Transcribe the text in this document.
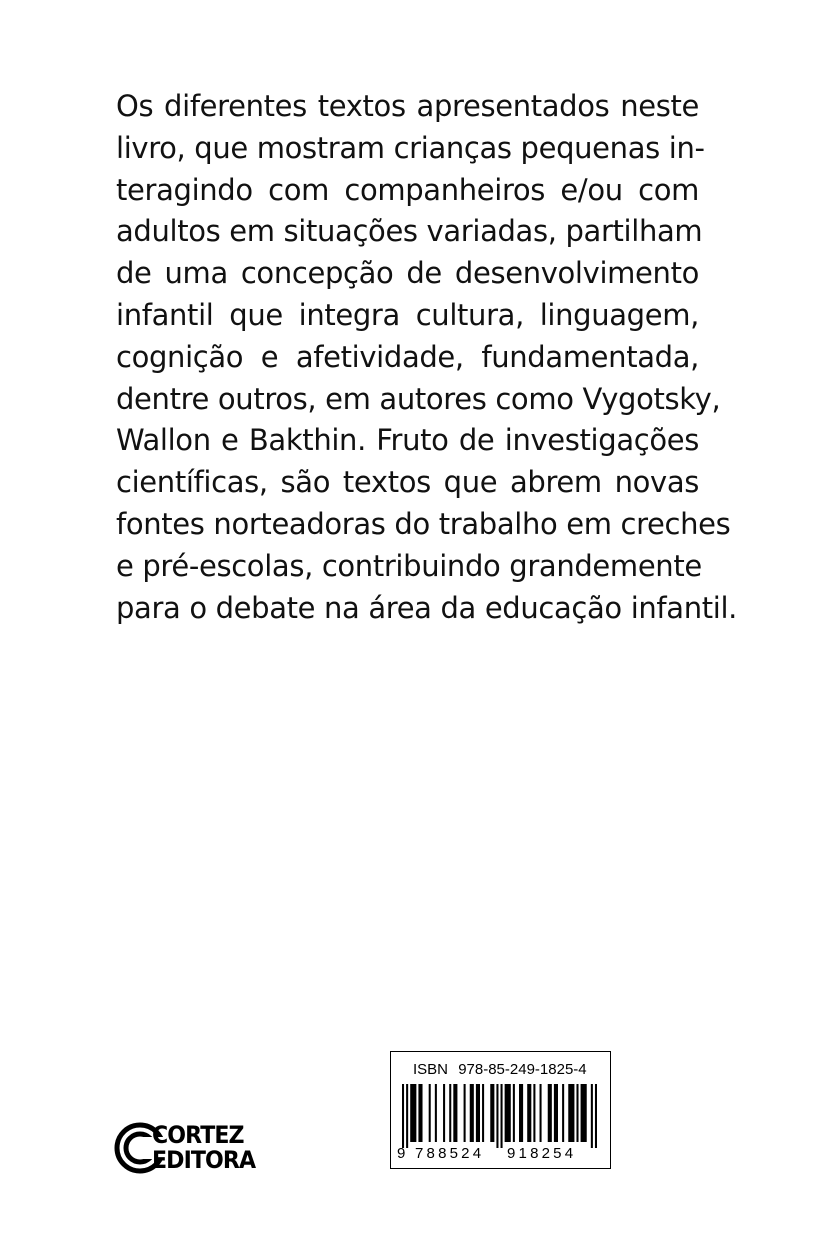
Os diferentes textos apresentados neste
livro, que mostram crianças pequenas in-
teragindo com companheiros e/ou com
adultos em situações variadas, partilham
de uma concepção de desenvolvimento
infantil que integra cultura, linguagem,
cognição e afetividade, fundamentada,
dentre outros, em autores como Vygotsky,
Wallon e Bakthin. Fruto de investigações
científicas, são textos que abrem novas
fontes norteadoras do trabalho em creches
e pré-escolas, contribuindo grandemente
para o debate na área da educação infantil.
CORTEZ
EDITORA
ISBN 978-85-249-1825-4
9 788524 918254
